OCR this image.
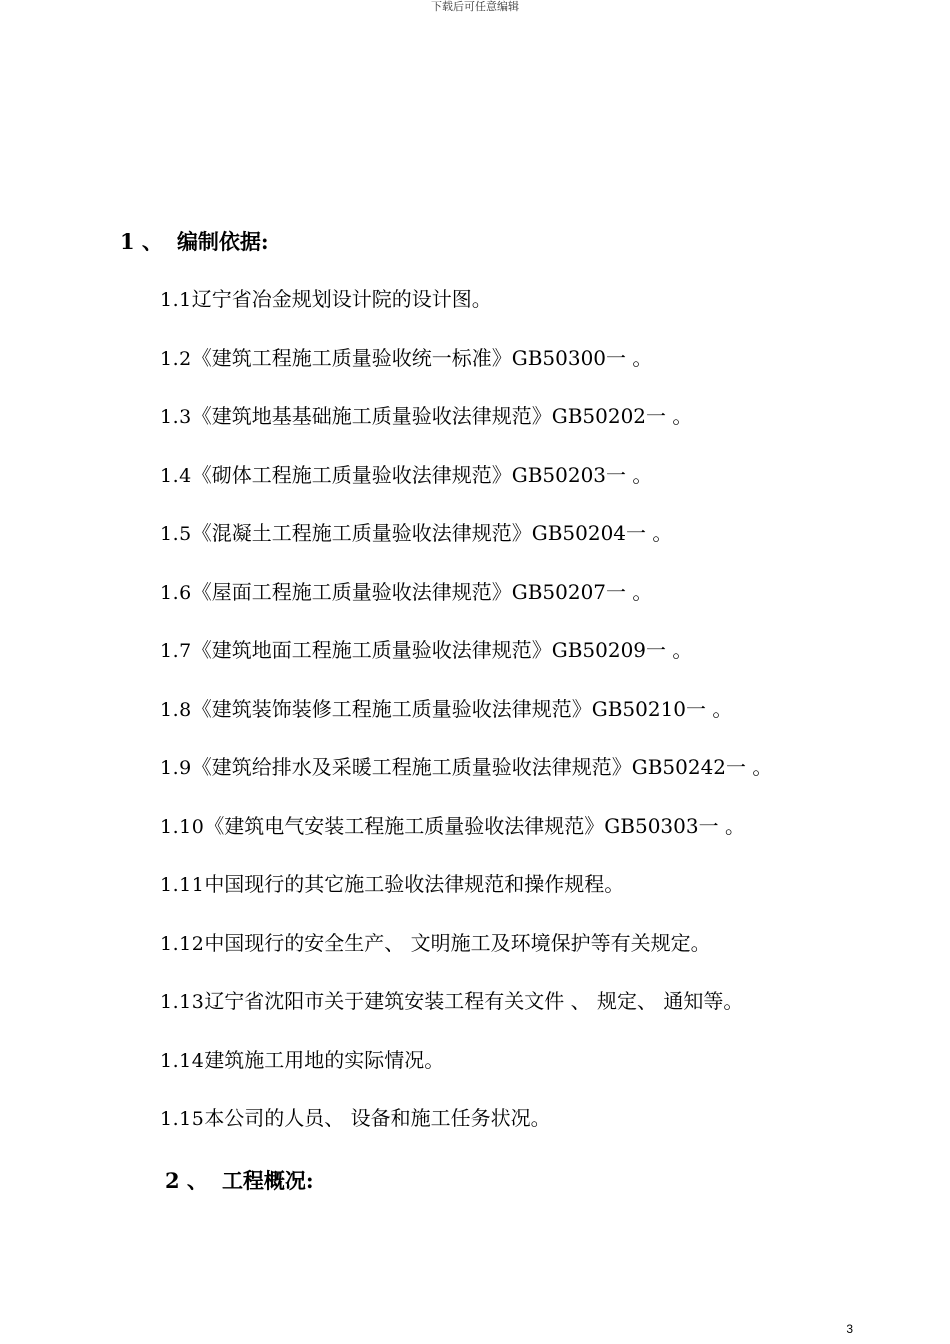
下载后可任意编辑
1 、 编制依据:
1.1辽宁省冶金规划设计院的设计图。
1.2《建筑工程施工质量验收统一标准》GB50300一 。
1.3《建筑地基基础施工质量验收法律规范》GB50202一 。
1.4《砌体工程施工质量验收法律规范》GB50203一 。
1.5《混凝土工程施工质量验收法律规范》GB50204一 。
1.6《屋面工程施工质量验收法律规范》GB50207一 。
1.7《建筑地面工程施工质量验收法律规范》GB50209一 。
1.8《建筑装饰装修工程施工质量验收法律规范》GB50210一 。
1.9《建筑给排水及采暖工程施工质量验收法律规范》GB50242一 。
1.10《建筑电气安装工程施工质量验收法律规范》GB50303一 。
1.11中国现行的其它施工验收法律规范和操作规程。
1.12中国现行的安全生产、 文明施工及环境保护等有关规定。
1.13辽宁省沈阳市关于建筑安装工程有关文件 、 规定、 通知等。
1.14建筑施工用地的实际情况。
1.15本公司的人员、 设备和施工任务状况。
2 、 工程概况:
3
